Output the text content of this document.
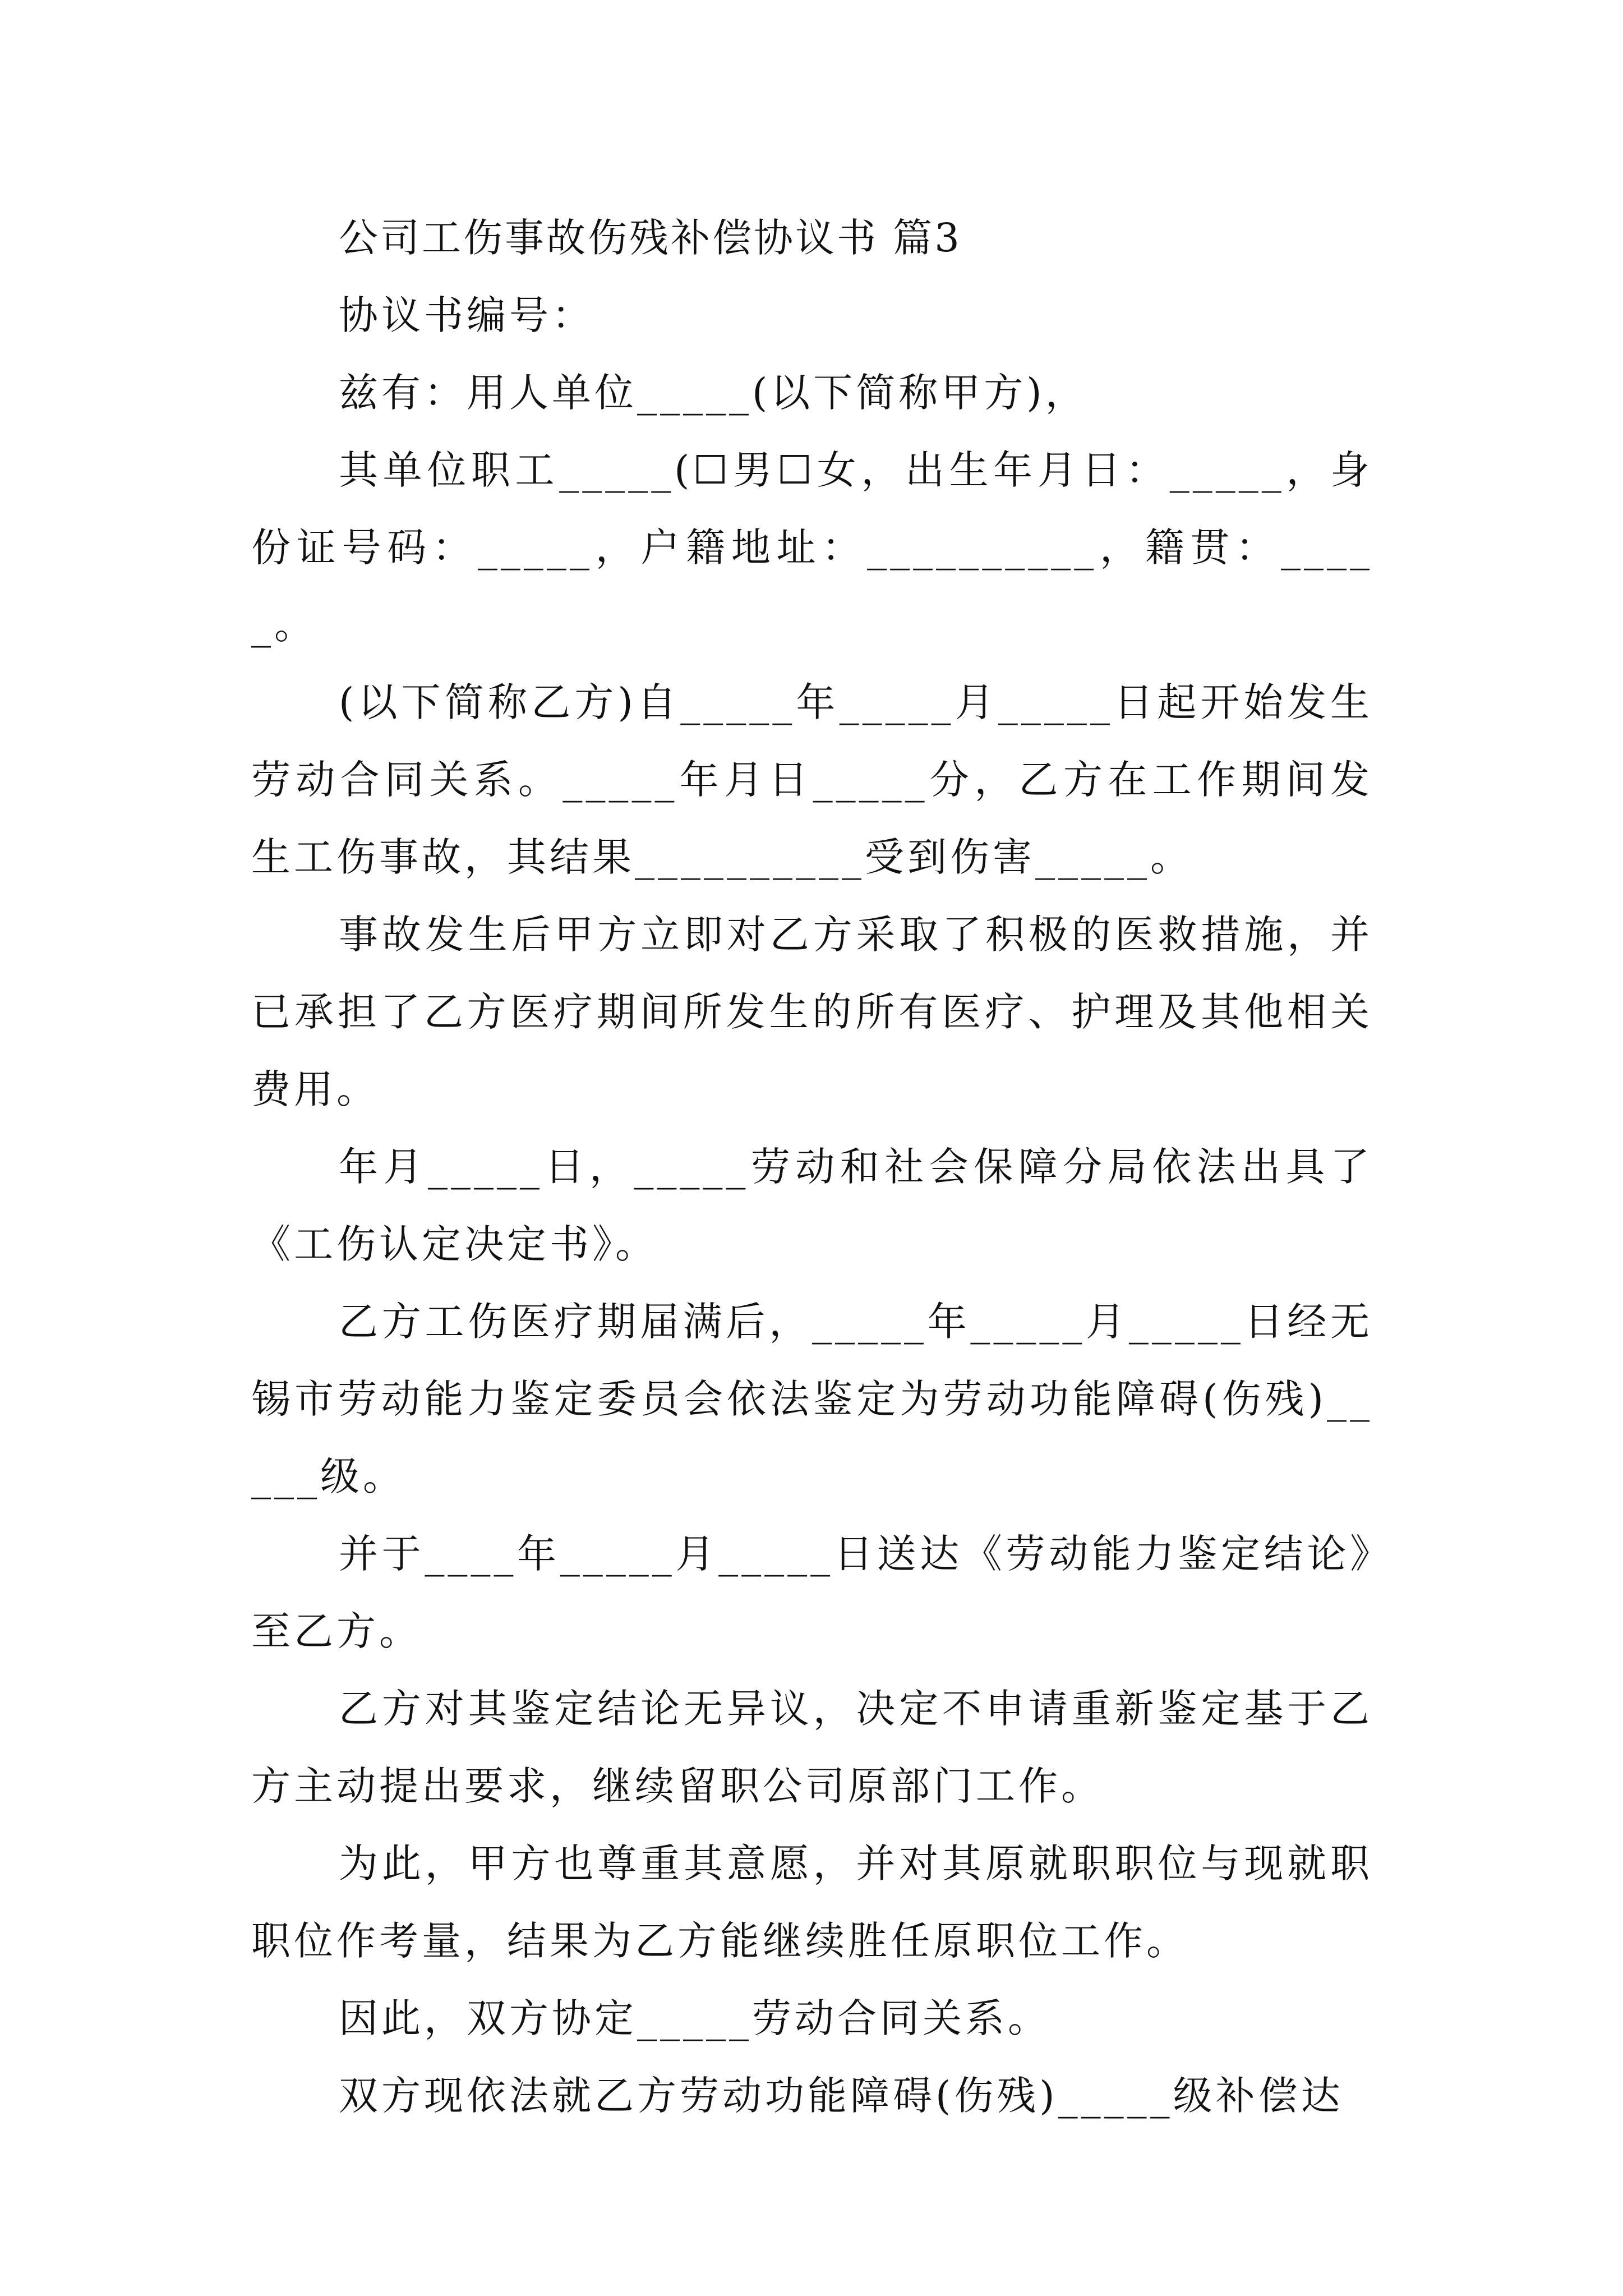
公司工伤事故伤残补偿协议书 篇3

协议书编号：

兹有：用人单位_____(以下简称甲方)，

其单位职工_____(☐男☐女，出生年月日：_____，身份证号码：_____，户籍地址：__________，籍贯：_____。

(以下简称乙方)自_____年_____月_____日起开始发生劳动合同关系。_____年月日_____分，乙方在工作期间发生工伤事故，其结果__________受到伤害_____。

事故发生后甲方立即对乙方采取了积极的医救措施，并已承担了乙方医疗期间所发生的所有医疗、护理及其他相关费用。

年月_____日，_____劳动和社会保障分局依法出具了《工伤认定决定书》。

乙方工伤医疗期届满后，_____年_____月_____日经无锡市劳动能力鉴定委员会依法鉴定为劳动功能障碍(伤残)_____级。

并于____年_____月_____日送达《劳动能力鉴定结论》至乙方。

乙方对其鉴定结论无异议，决定不申请重新鉴定基于乙方主动提出要求，继续留职公司原部门工作。

为此，甲方也尊重其意愿，并对其原就职职位与现就职职位作考量，结果为乙方能继续胜任原职位工作。

因此，双方协定_____劳动合同关系。

双方现依法就乙方劳动功能障碍(伤残)_____级补偿达
